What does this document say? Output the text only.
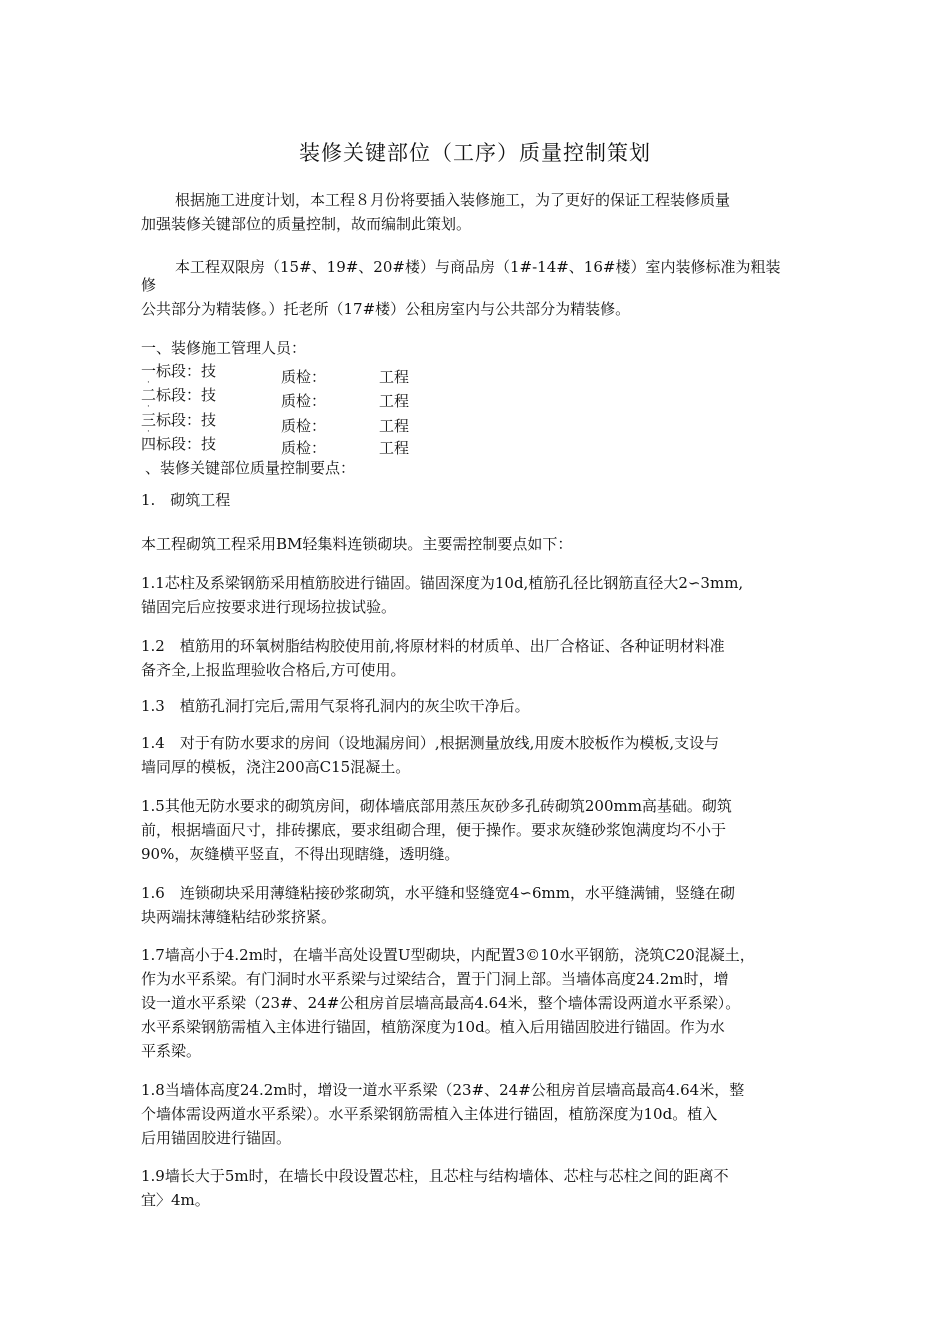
装修关键部位（工序）质量控制策划
根据施工进度计划，本工程８月份将要插入装修施工，为了更好的保证工程装修质量
加强装修关键部位的质量控制，故而编制此策划。
本工程双限房（15#、19#、20#楼）与商品房（1#-14#、16#楼）室内装修标准为粗装
修
公共部分为精装修。）托老所（17#楼）公租房室内与公共部分为精装修。
一、装修施工管理人员：
一标段：技	质检：	工程
·
二标段：技	质检：	工程
·
三标段：技	质检：	工程
·
四标段：技	质检：	工程
、装修关键部位质量控制要点：
1.　砌筑工程
本工程砌筑工程采用BM轻集料连锁砌块。主要需控制要点如下：
1.1芯柱及系梁钢筋采用植筋胶进行锚固。锚固深度为10d,植筋孔径比钢筋直径大2∽3mm,
锚固完后应按要求进行现场拉拔试验。
1.2　植筋用的环氧树脂结构胶使用前,将原材料的材质单、出厂合格证、各种证明材料准
备齐全,上报监理验收合格后,方可使用。
1.3　植筋孔洞打完后,需用气泵将孔洞内的灰尘吹干净后。
1.4　对于有防水要求的房间（设地漏房间）,根据测量放线,用废木胶板作为模板,支设与
墙同厚的模板，浇注200高C15混凝土。
1.5其他无防水要求的砌筑房间，砌体墙底部用蒸压灰砂多孔砖砌筑200mm高基础。砌筑
前，根据墙面尺寸，排砖摞底，要求组砌合理，便于操作。要求灰缝砂浆饱满度均不小于
90%，灰缝横平竖直，不得出现瞎缝，透明缝。
1.6　连锁砌块采用薄缝粘接砂浆砌筑，水平缝和竖缝宽4∽6mm，水平缝满铺，竖缝在砌
块两端抹薄缝粘结砂浆挤紧。
1.7墙高小于4.2m时，在墙半高处设置U型砌块，内配置3©10水平钢筋，浇筑C20混凝土，
作为水平系梁。有门洞时水平系梁与过梁结合，置于门洞上部。当墙体高度24.2m时，增
设一道水平系梁（23#、24#公租房首层墙高最高4.64米，整个墙体需设两道水平系梁）。
水平系梁钢筋需植入主体进行锚固，植筋深度为10d。植入后用锚固胶进行锚固。作为水
平系梁。
1.8当墙体高度24.2m时，增设一道水平系梁（23#、24#公租房首层墙高最高4.64米，整
个墙体需设两道水平系梁）。水平系梁钢筋需植入主体进行锚固，植筋深度为10d。植入
后用锚固胶进行锚固。
1.9墙长大于5m时，在墙长中段设置芯柱，且芯柱与结构墙体、芯柱与芯柱之间的距离不
宜〉4m。
